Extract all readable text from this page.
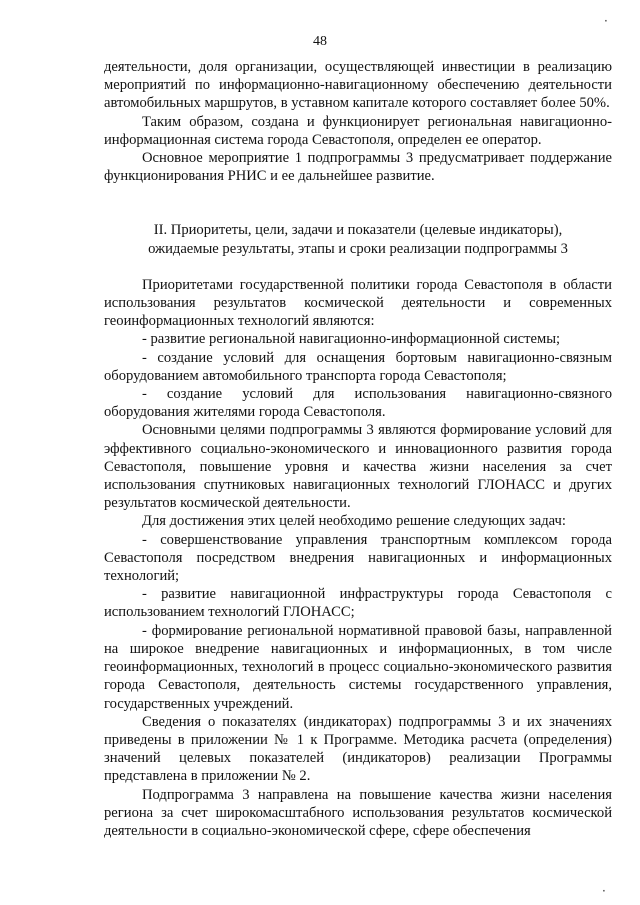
48
·
·

деятельности, доля организации, осуществляющей инвестиции в реализацию мероприятий по информационно-навигационному обеспечению деятельности автомобильных маршрутов, в уставном капитале которого составляет более 50%.

Таким образом, создана и функционирует региональная навигационно-информационная система города Севастополя, определен ее оператор.

Основное мероприятие 1 подпрограммы 3 предусматривает поддержание функционирования РНИС и ее дальнейшее развитие.

II. Приоритеты, цели, задачи и показатели (целевые индикаторы),
ожидаемые результаты, этапы и сроки реализации подпрограммы 3

Приоритетами государственной политики города Севастополя в области использования результатов космической деятельности и современных геоинформационных технологий являются:

- развитие региональной навигационно-информационной системы;

- создание условий для оснащения бортовым навигационно-связным оборудованием автомобильного транспорта города Севастополя;

- создание условий для использования навигационно-связного оборудования жителями города Севастополя.

Основными целями подпрограммы 3 являются формирование условий для эффективного социально-экономического и инновационного развития города Севастополя, повышение уровня и качества жизни населения за счет использования спутниковых навигационных технологий ГЛОНАСС и других результатов космической деятельности.

Для достижения этих целей необходимо решение следующих задач:

- совершенствование управления транспортным комплексом города Севастополя посредством внедрения навигационных и информационных технологий;

- развитие навигационной инфраструктуры города Севастополя с использованием технологий ГЛОНАСС;

- формирование региональной нормативной правовой базы, направленной на широкое внедрение навигационных и информационных, в том числе геоинформационных, технологий в процесс социально-экономического развития города Севастополя, деятельность системы государственного управления, государственных учреждений.

Сведения о показателях (индикаторах) подпрограммы 3 и их значениях приведены в приложении № 1 к Программе. Методика расчета (определения) значений целевых показателей (индикаторов) реализации Программы представлена в приложении № 2.

Подпрограмма 3 направлена на повышение качества жизни населения региона за счет широкомасштабного использования результатов космической деятельности в социально-экономической сфере, сфере обеспечения
